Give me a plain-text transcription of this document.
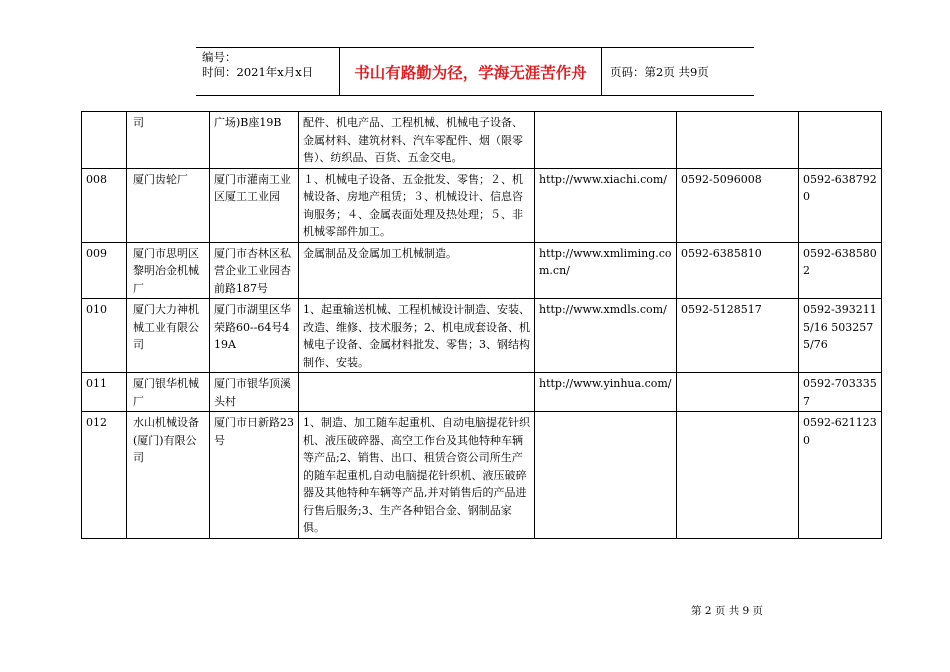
编号：
时间：2021年x月x日	书山有路勤为径，学海无涯苦作舟	页码：第2页 共9页
	司	广场)B座19B	配件、机电产品、工程机械、机械电子设备、金属材料、建筑材料、汽车零配件、烟（限零售）、纺织品、百货、五金交电。			
008	厦门齿轮厂	厦门市灌南工业区厦工工业园	１、机械电子设备、五金批发、零售；２、机械设备、房地产租赁；３、机械设计、信息咨询服务；４、金属表面处理及热处理；５、非机械零部件加工。	http://www.xiachi.com/	0592-5096008	0592-6387920
009	厦门市思明区黎明冶金机械厂	厦门市杏林区私营企业工业园杏前路187号	金属制品及金属加工机械制造。	http://www.xmliming.com.cn/	0592-6385810	0592-6385802
010	厦门大力神机械工业有限公司	厦门市湖里区华荣路60--64号419A	1、起重输送机械、工程机械设计制造、安装、改造、维修、技术服务；2、机电成套设备、机械电子设备、金属材料批发、零售；3、钢结构制作、安装。	http://www.xmdls.com/	0592-5128517	0592-3932115/16 5032575/76
011	厦门银华机械厂	厦门市银华顶溪头村		http://www.yinhua.com/		0592-7033357
012	水山机械设备(厦门)有限公司	厦门市日新路23号	1、制造、加工随车起重机、自动电脑提花针织机、液压破碎器、高空工作台及其他特种车辆等产品;2、销售、出口、租赁合资公司所生产的随车起重机,自动电脑提花针织机、液压破碎器及其他特种车辆等产品,并对销售后的产品进行售后服务;3、生产各种铝合金、钢制品家俱。			0592-6211230
第 2 页 共 9 页
